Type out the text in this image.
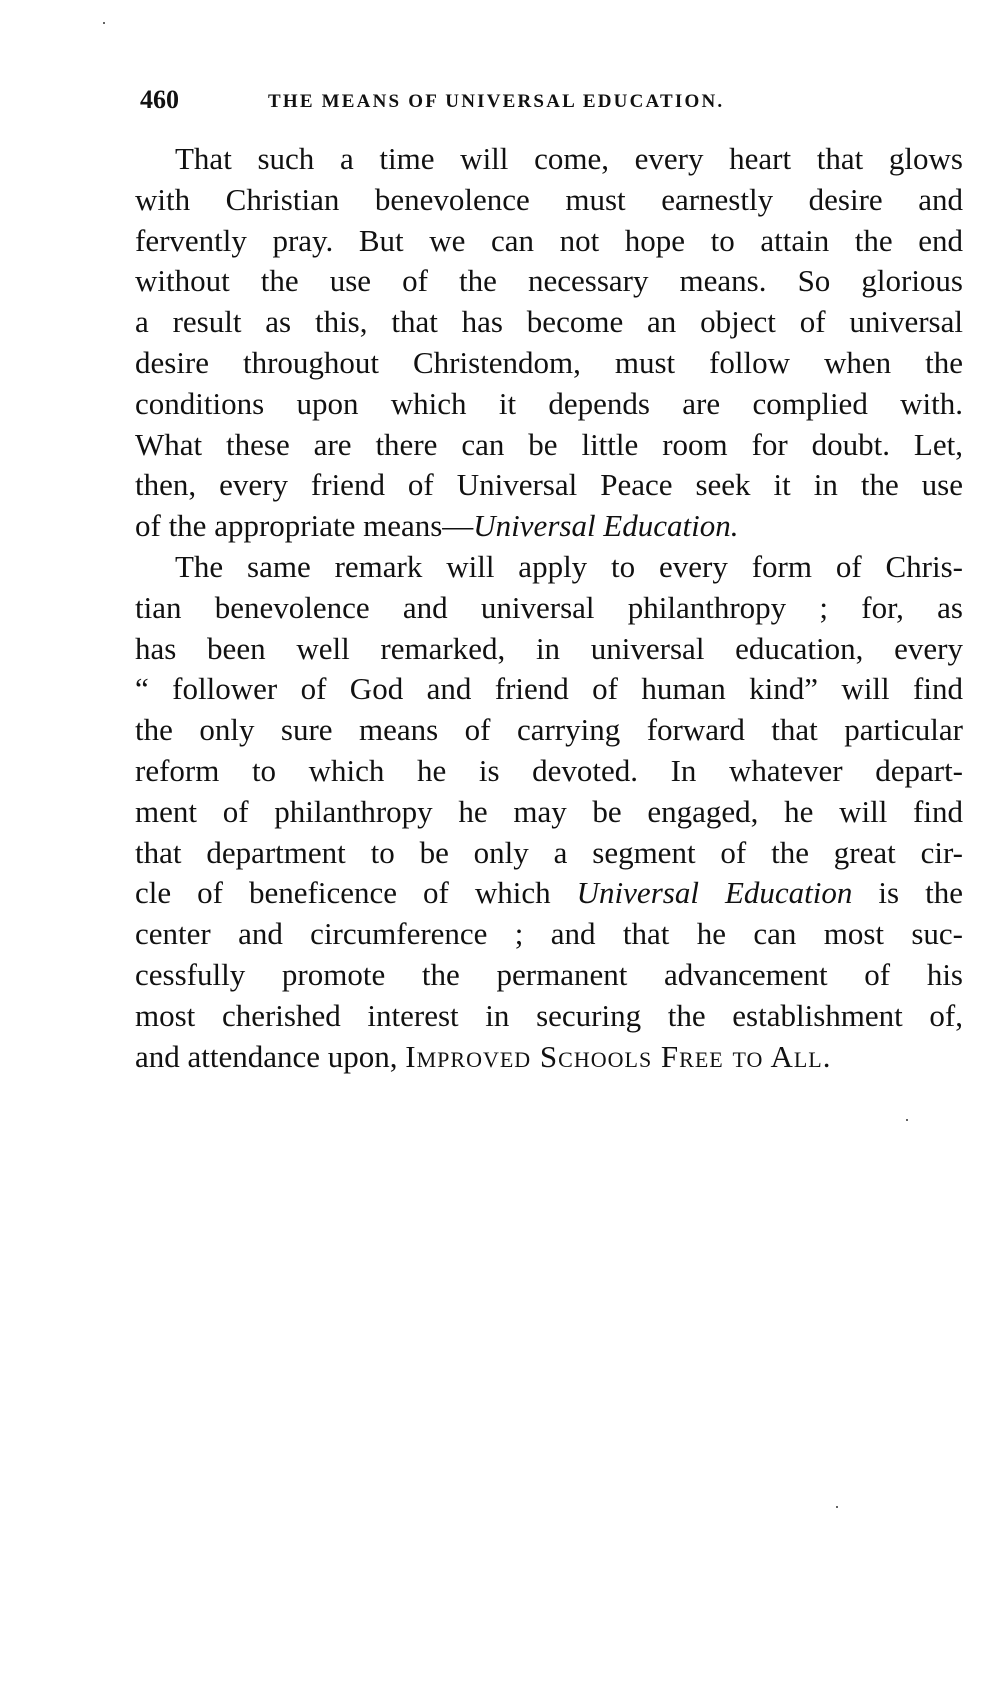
460	THE MEANS OF UNIVERSAL EDUCATION.
That such a time will come, every heart that glows
with Christian benevolence must earnestly desire and
fervently pray. But we can not hope to attain the end
without the use of the necessary means. So glorious
a result as this, that has become an object of universal
desire throughout Christendom, must follow when the
conditions upon which it depends are complied with.
What these are there can be little room for doubt. Let,
then, every friend of Universal Peace seek it in the use
of the appropriate means—Universal Education.
The same remark will apply to every form of Chris-
tian benevolence and universal philanthropy ; for, as
has been well remarked, in universal education, every
“ follower of God and friend of human kind” will find
the only sure means of carrying forward that particular
reform to which he is devoted. In whatever depart-
ment of philanthropy he may be engaged, he will find
that department to be only a segment of the great cir-
cle of beneficence of which Universal Education is the
center and circumference ; and that he can most suc-
cessfully promote the permanent advancement of his
most cherished interest in securing the establishment of,
and attendance upon, Improved Schools Free to All.
